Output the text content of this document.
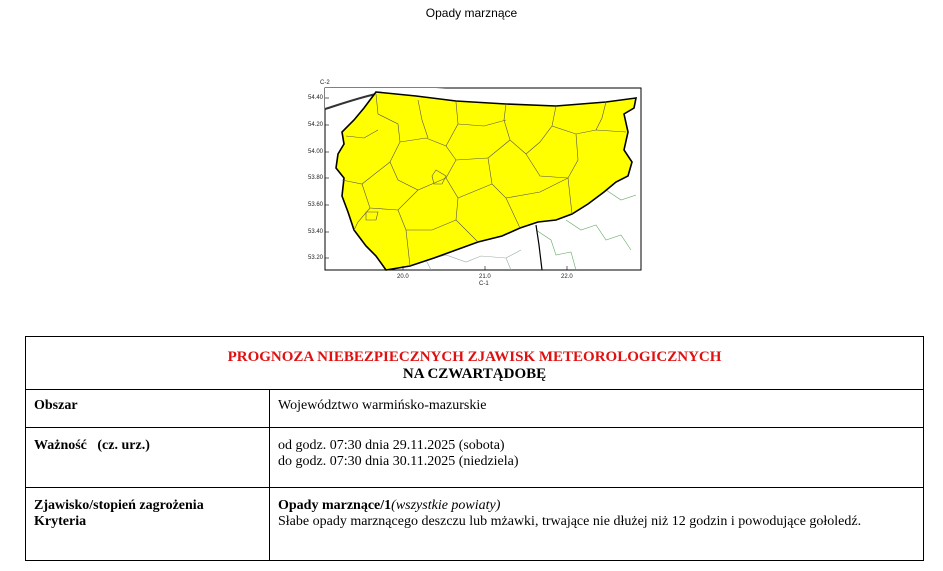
Opady marznące
C-2
54.40
54.20
54.00
53.80
53.60
53.40
53.20
20.0	21.0	22.0
C-1
PROGNOZA NIEBEZPIECZNYCH ZJAWISK METEOROLOGICZNYCH
NA CZWARTĄDOBĘ	

Obszar	Województwo warmińsko-mazurskie
Ważność   (cz. urz.)	od godz. 07:30 dnia 29.11.2025 (sobota)
do godz. 07:30 dnia 30.11.2025 (niedziela)

Zjawisko/stopień zagrożenia
Kryteria	Opady marznące/1(wszystkie powiaty)
Słabe opady marznącego deszczu lub mżawki, trwające nie dłużej niż 12 godzin i powodujące gołoledź.
